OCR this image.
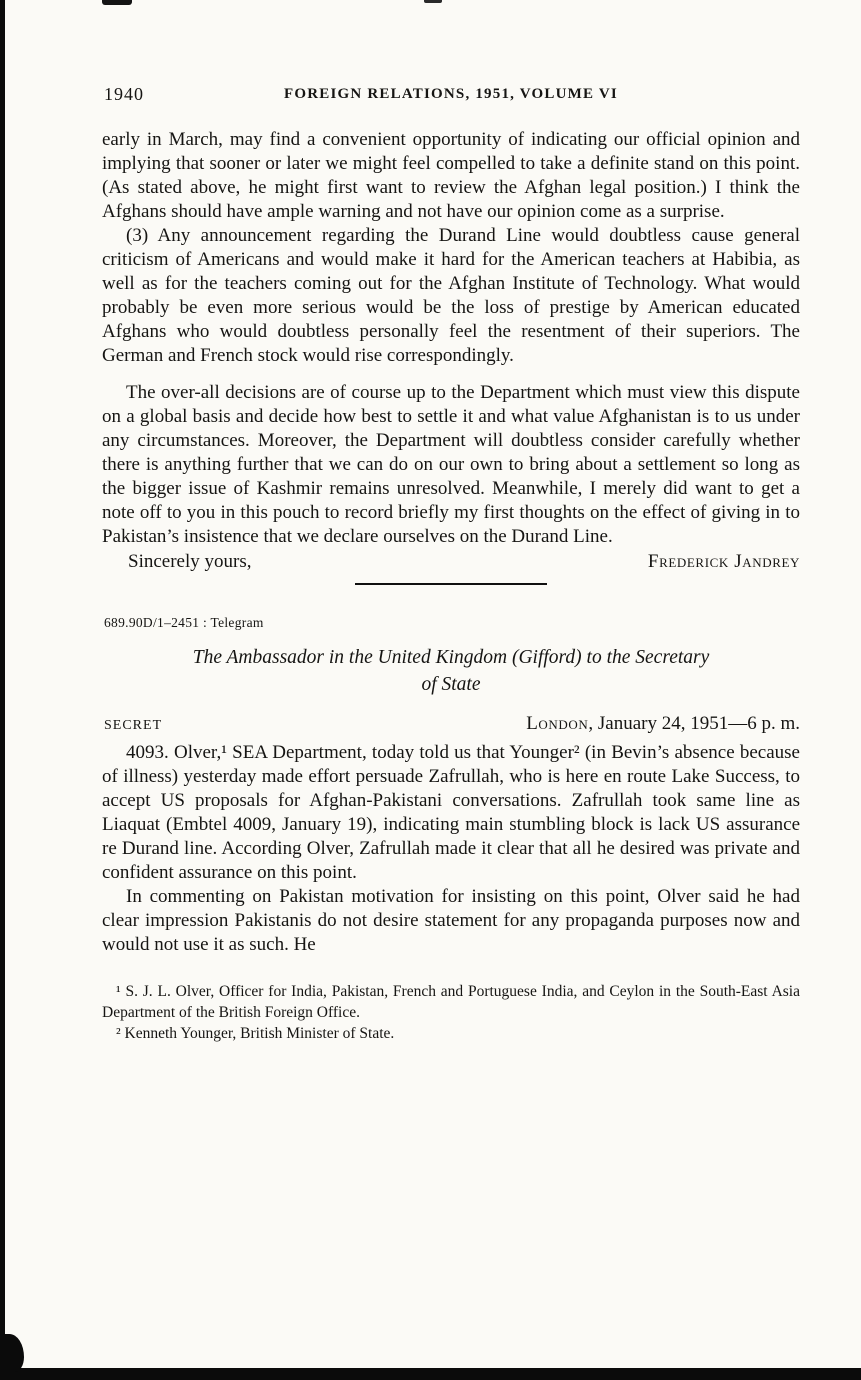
1940	FOREIGN RELATIONS, 1951, VOLUME VI

early in March, may find a convenient opportunity of indicating our official opinion and implying that sooner or later we might feel compelled to take a definite stand on this point. (As stated above, he might first want to review the Afghan legal position.) I think the Afghans should have ample warning and not have our opinion come as a surprise.

(3) Any announcement regarding the Durand Line would doubtless cause general criticism of Americans and would make it hard for the American teachers at Habibia, as well as for the teachers coming out for the Afghan Institute of Technology. What would probably be even more serious would be the loss of prestige by American educated Afghans who would doubtless personally feel the resentment of their superiors. The German and French stock would rise correspondingly.

The over-all decisions are of course up to the Department which must view this dispute on a global basis and decide how best to settle it and what value Afghanistan is to us under any circumstances. Moreover, the Department will doubtless consider carefully whether there is anything further that we can do on our own to bring about a settlement so long as the bigger issue of Kashmir remains unresolved. Meanwhile, I merely did want to get a note off to you in this pouch to record briefly my first thoughts on the effect of giving in to Pakistan’s insistence that we declare ourselves on the Durand Line.

Sincerely yours,	Frederick Jandrey
689.90D/1–2451 : Telegram
The Ambassador in the United Kingdom (Gifford) to the Secretary
of State
SECRET	London, January 24, 1951—6 p. m.

4093. Olver,¹ SEA Department, today told us that Younger² (in Bevin’s absence because of illness) yesterday made effort persuade Zafrullah, who is here en route Lake Success, to accept US proposals for Afghan-Pakistani conversations. Zafrullah took same line as Liaquat (Embtel 4009, January 19), indicating main stumbling block is lack US assurance re Durand line. According Olver, Zafrullah made it clear that all he desired was private and confident assurance on this point.

In commenting on Pakistan motivation for insisting on this point, Olver said he had clear impression Pakistanis do not desire statement for any propaganda purposes now and would not use it as such. He

¹ S. J. L. Olver, Officer for India, Pakistan, French and Portuguese India, and Ceylon in the South-East Asia Department of the British Foreign Office.

² Kenneth Younger, British Minister of State.
